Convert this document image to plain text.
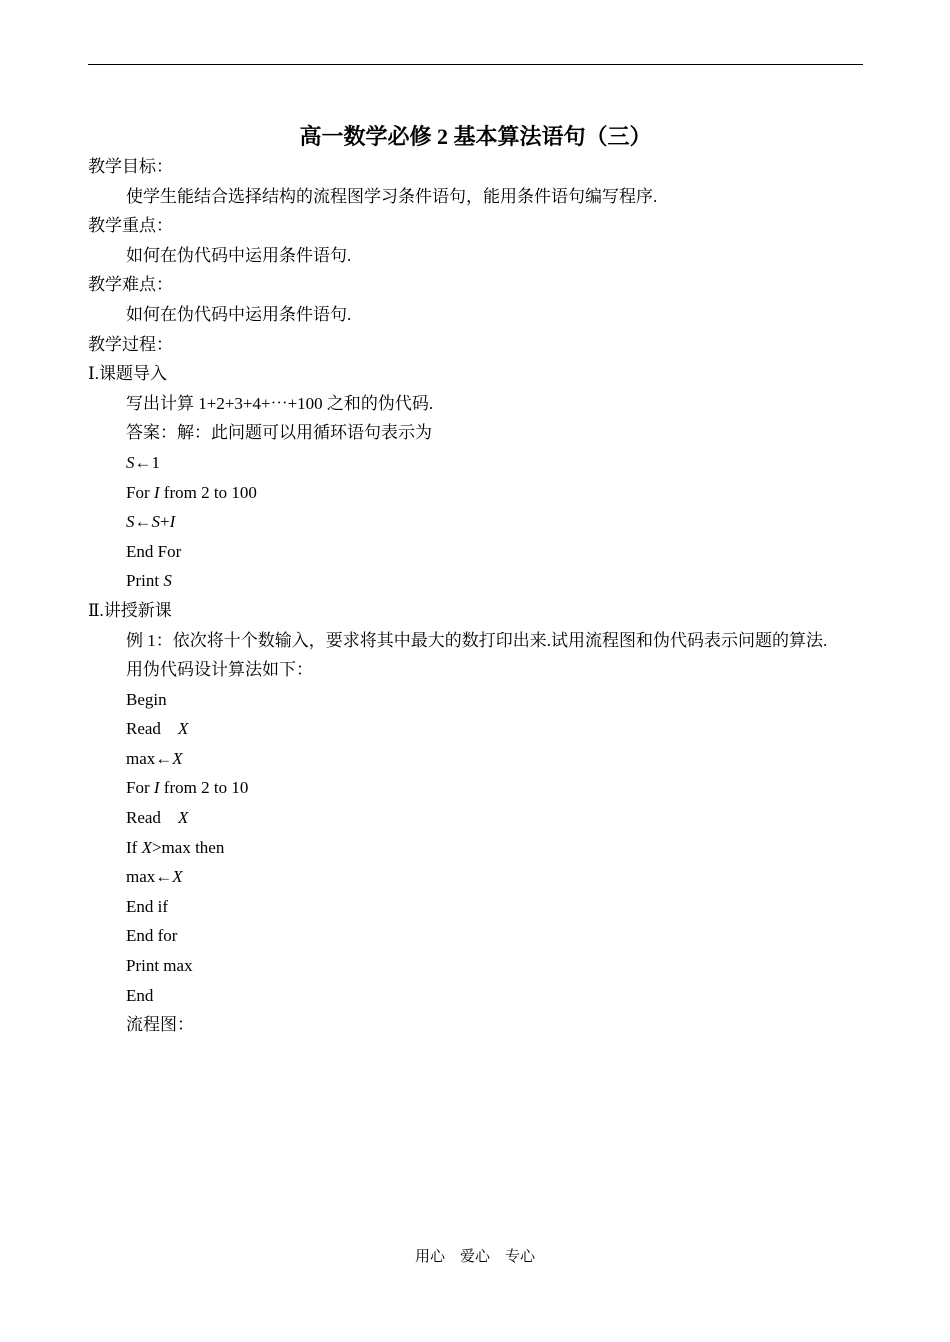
高一数学必修 2 基本算法语句（三）
教学目标：
使学生能结合选择结构的流程图学习条件语句，能用条件语句编写程序.
教学重点：
如何在伪代码中运用条件语句.
教学难点：
如何在伪代码中运用条件语句.
教学过程：
Ⅰ.课题导入
写出计算 1+2+3+4+⋯+100 之和的伪代码.
答案：解：此问题可以用循环语句表示为
S←1
For I from 2 to 100
S←S+I
End For
Print S
Ⅱ.讲授新课
例 1：依次将十个数输入，要求将其中最大的数打印出来.试用流程图和伪代码表示问题的算法.
用伪代码设计算法如下：
Begin
Read    X
max←X
For I from 2 to 10
Read    X
If X>max then
max←X
End if
End for
Print max
End
流程图：
用心　爱心　专心
